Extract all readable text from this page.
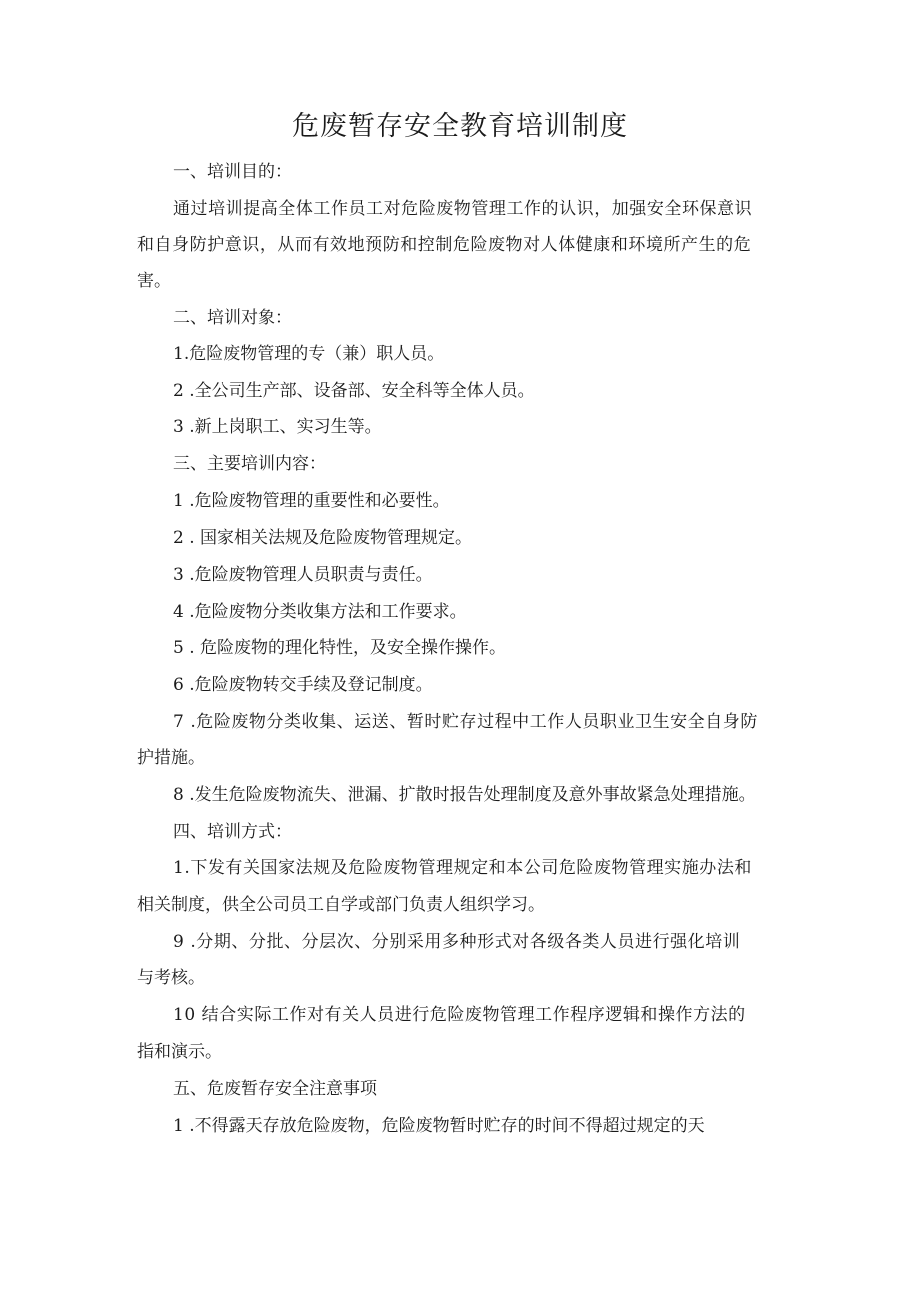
危废暂存安全教育培训制度
一、培训目的：
通过培训提高全体工作员工对危险废物管理工作的认识，加强安全环保意识
和自身防护意识，从而有效地预防和控制危险废物对人体健康和环境所产生的危
害。
二、培训对象：
1.危险废物管理的专（兼）职人员。
2 .全公司生产部、设备部、安全科等全体人员。
3 .新上岗职工、实习生等。
三、主要培训内容：
1 .危险废物管理的重要性和必要性。
2 . 国家相关法规及危险废物管理规定。
3 .危险废物管理人员职责与责任。
4 .危险废物分类收集方法和工作要求。
5 . 危险废物的理化特性，及安全操作操作。
6 .危险废物转交手续及登记制度。
7 .危险废物分类收集、运送、暂时贮存过程中工作人员职业卫生安全自身防
护措施。
8 .发生危险废物流失、泄漏、扩散时报告处理制度及意外事故紧急处理措施。
四、培训方式：
1.下发有关国家法规及危险废物管理规定和本公司危险废物管理实施办法和
相关制度，供全公司员工自学或部门负责人组织学习。
9 .分期、分批、分层次、分别采用多种形式对各级各类人员进行强化培训
与考核。
10 结合实际工作对有关人员进行危险废物管理工作程序逻辑和操作方法的
指和演示。
五、危废暂存安全注意事项
1 .不得露天存放危险废物，危险废物暂时贮存的时间不得超过规定的天
